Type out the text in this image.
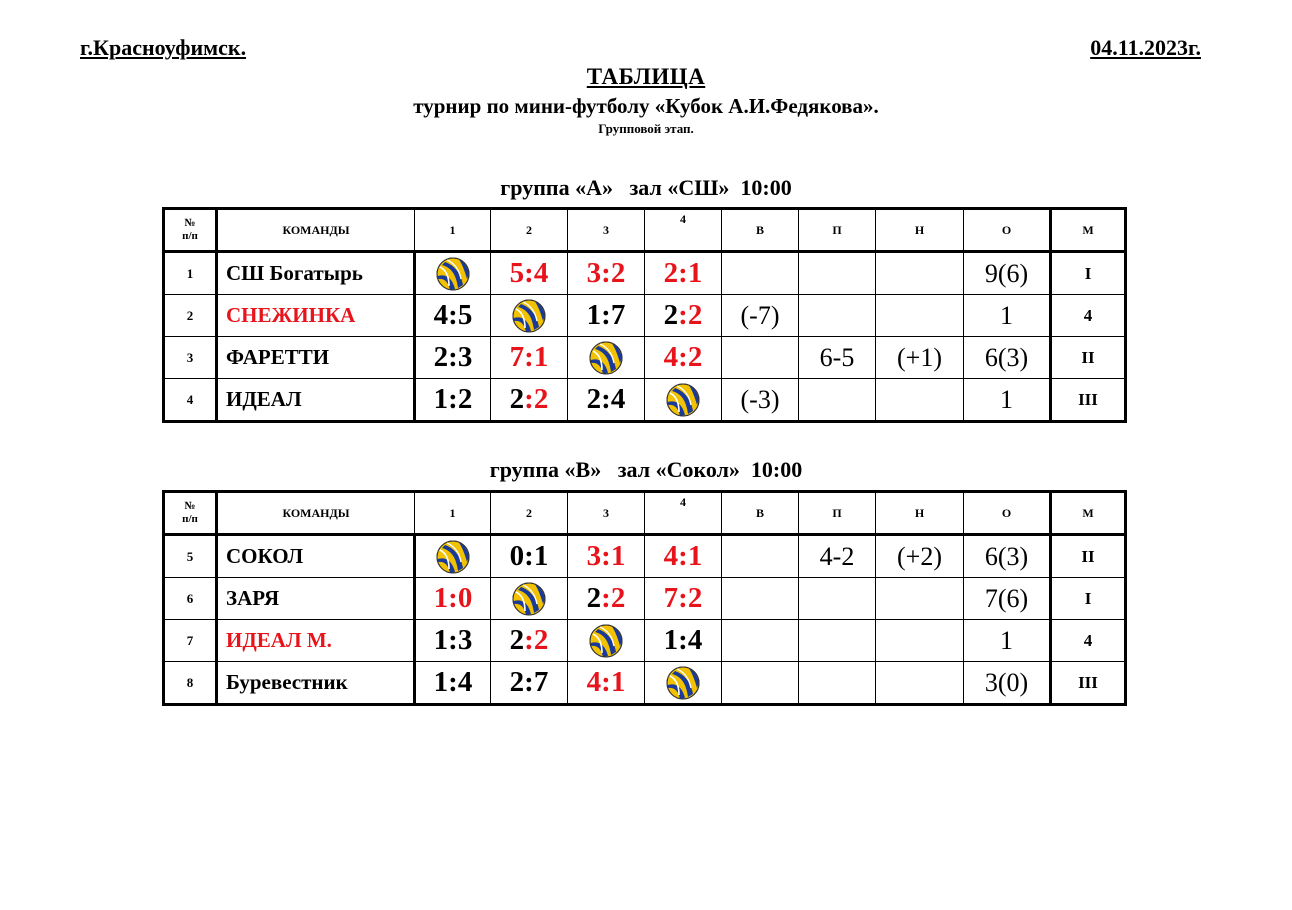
г.Красноуфимск.	04.11.2023г.
ТАБЛИЦА
турнир по мини-футболу «Кубок А.И.Федякова».
Групповой этап.
группа «А»   зал «СШ»  10:00
№
п/п	КОМАНДЫ	1	2	3	4	В	П	Н	О	М
1	СШ Богатырь		5:4	3:2	2:1				9(6)	I
2	СНЕЖИНКА	4:5		1:7	2:2	(-7)			1	4
3	ФАРЕТТИ	2:3	7:1		4:2		6-5	(+1)	6(3)	II
4	ИДЕАЛ	1:2	2:2	2:4		(-3)			1	III
группа «В»   зал «Сокол»  10:00
№
п/п	КОМАНДЫ	1	2	3	4	В	П	Н	О	М
5	СОКОЛ		0:1	3:1	4:1		4-2	(+2)	6(3)	II
6	ЗАРЯ	1:0		2:2	7:2				7(6)	I
7	ИДЕАЛ М.	1:3	2:2		1:4				1	4
8	Буревестник	1:4	2:7	4:1					3(0)	III
